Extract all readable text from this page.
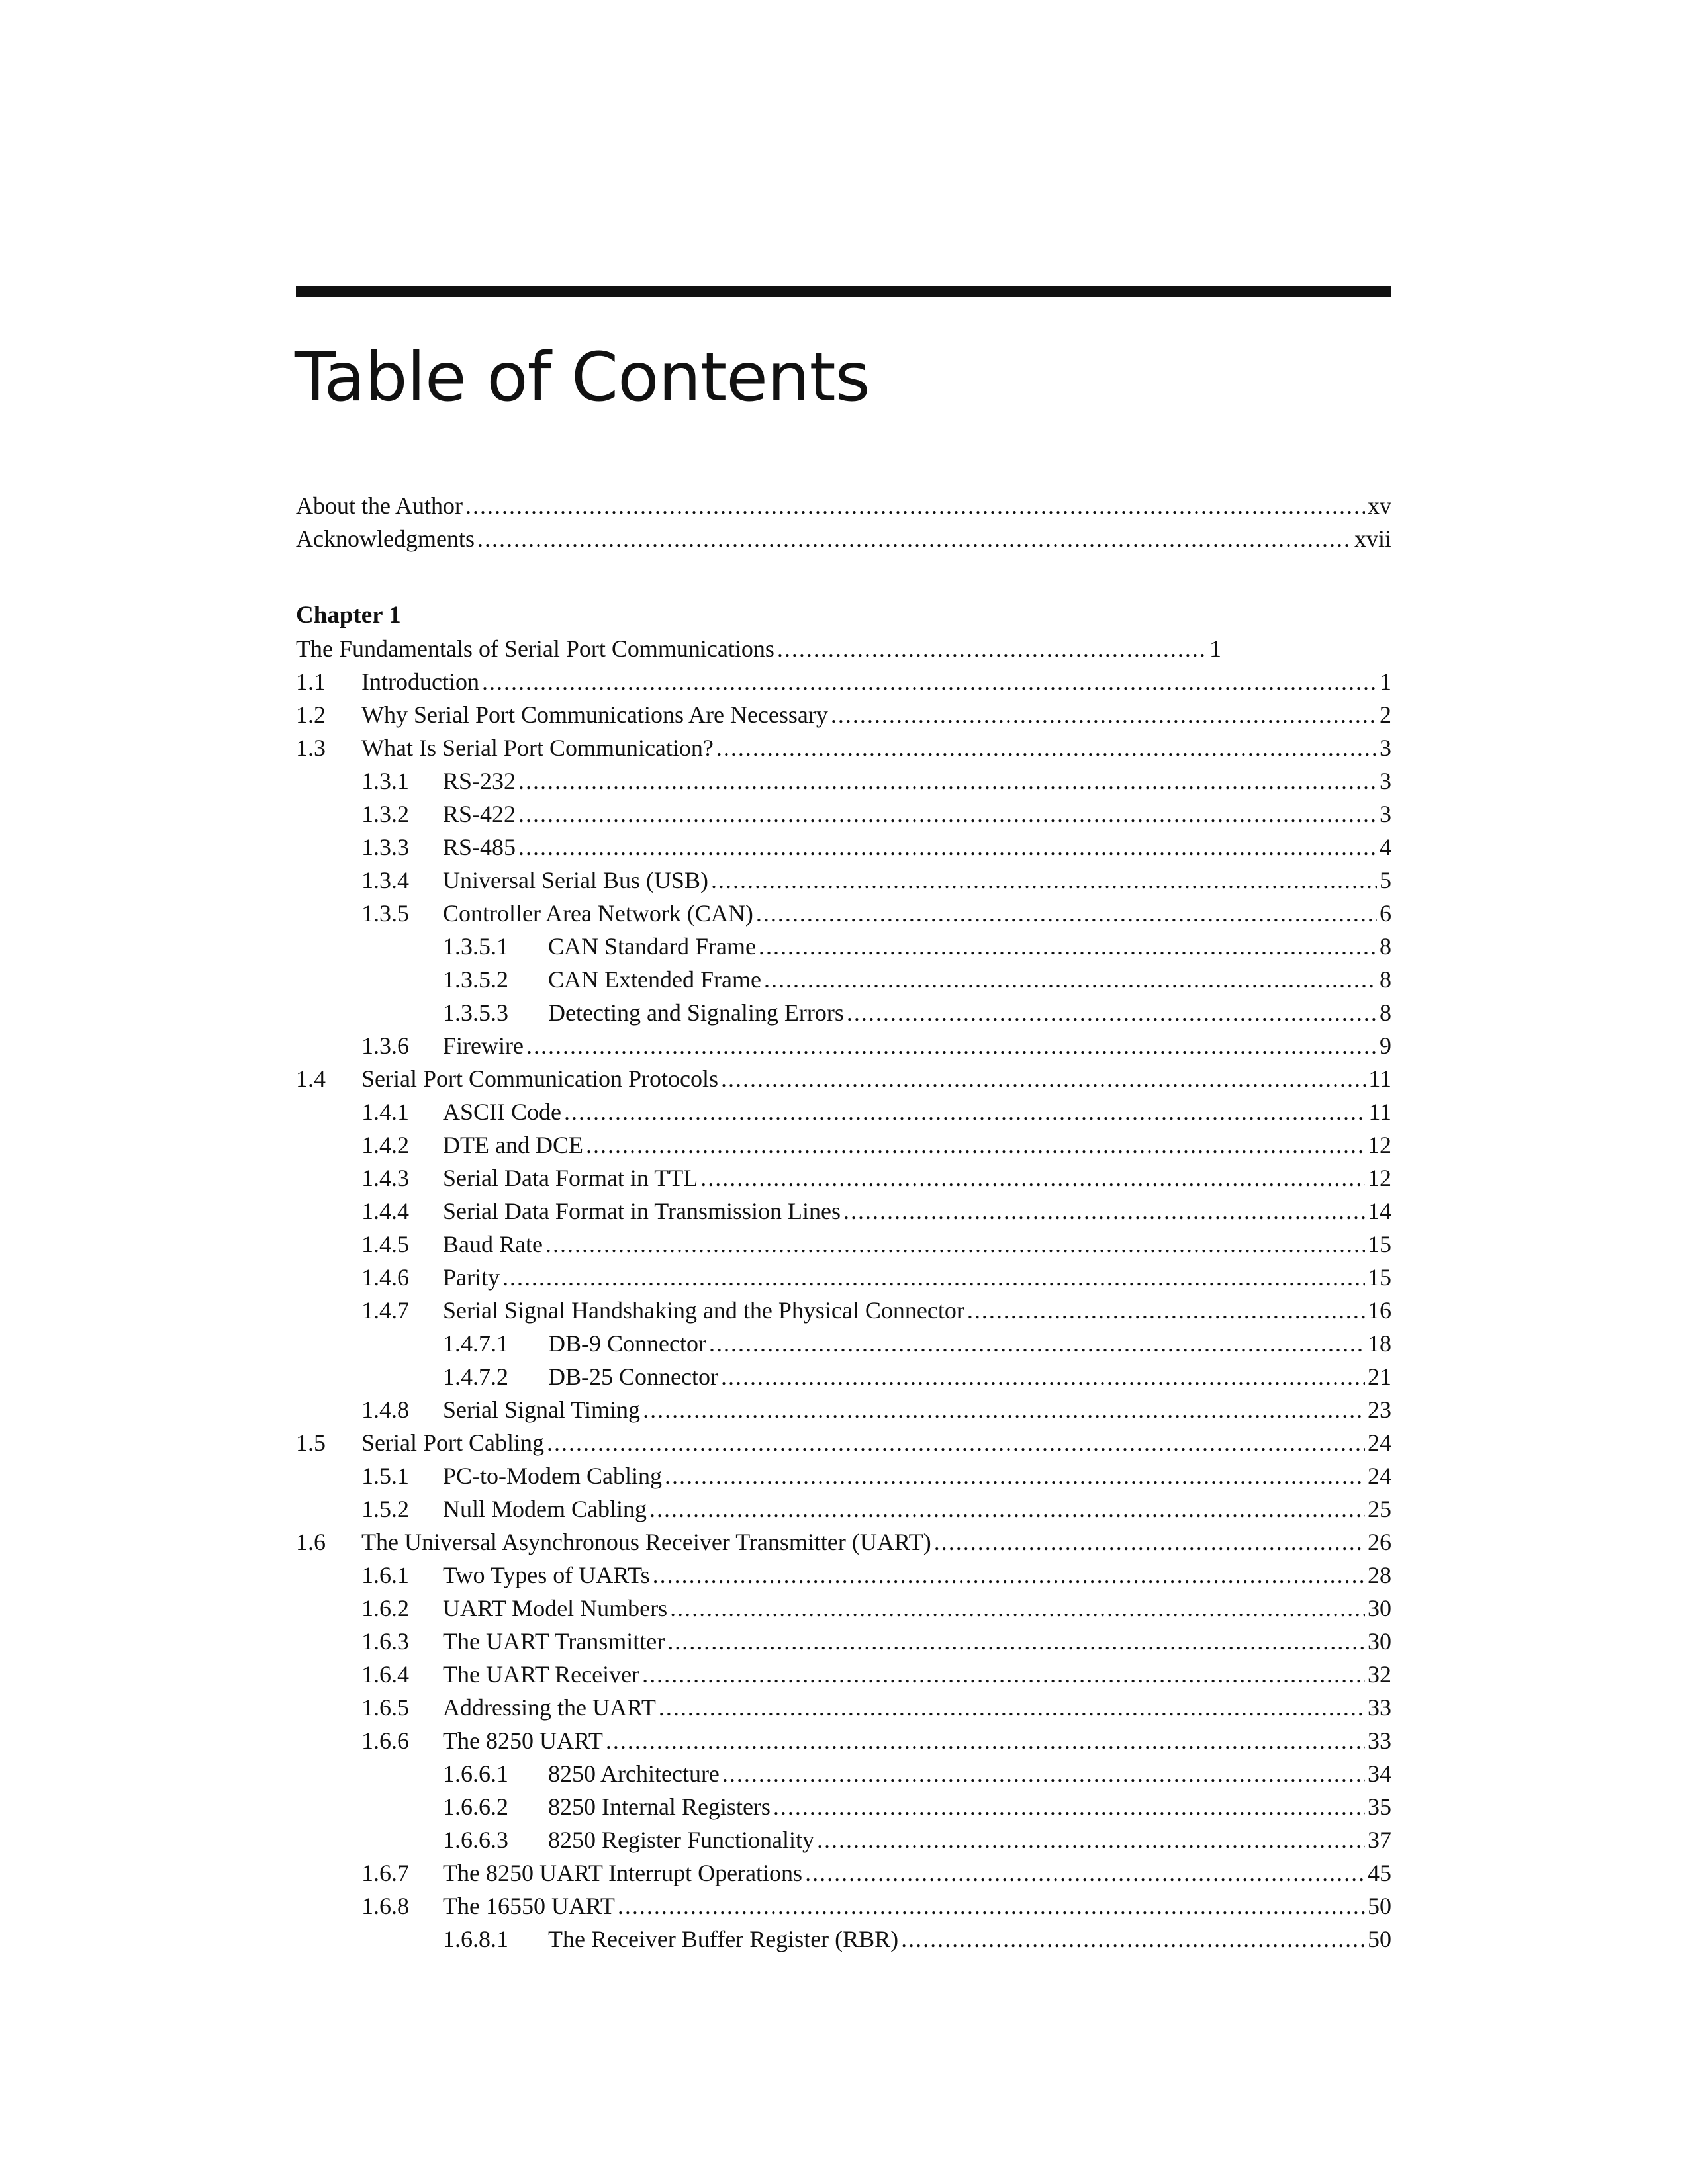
Table of Contents
About the Author .....	xv
Acknowledgments .....	xvii
Chapter 1
The Fundamentals of Serial Port Communications .....	1
1.1	Introduction .....	1
1.2	Why Serial Port Communications Are Necessary .....	2
1.3	What Is Serial Port Communication? .....	3
1.3.1	RS-232 .....	3
1.3.2	RS-422 .....	3
1.3.3	RS-485 .....	4
1.3.4	Universal Serial Bus (USB) .....	5
1.3.5	Controller Area Network (CAN) .....	6
1.3.5.1	CAN Standard Frame .....	8
1.3.5.2	CAN Extended Frame .....	8
1.3.5.3	Detecting and Signaling Errors .....	8
1.3.6	Firewire .....	9
1.4	Serial Port Communication Protocols .....	11
1.4.1	ASCII Code .....	11
1.4.2	DTE and DCE .....	12
1.4.3	Serial Data Format in TTL .....	12
1.4.4	Serial Data Format in Transmission Lines .....	14
1.4.5	Baud Rate .....	15
1.4.6	Parity .....	15
1.4.7	Serial Signal Handshaking and the Physical Connector .....	16
1.4.7.1	DB-9 Connector .....	18
1.4.7.2	DB-25 Connector .....	21
1.4.8	Serial Signal Timing .....	23
1.5	Serial Port Cabling .....	24
1.5.1	PC-to-Modem Cabling .....	24
1.5.2	Null Modem Cabling .....	25
1.6	The Universal Asynchronous Receiver Transmitter (UART) .....	26
1.6.1	Two Types of UARTs .....	28
1.6.2	UART Model Numbers .....	30
1.6.3	The UART Transmitter .....	30
1.6.4	The UART Receiver .....	32
1.6.5	Addressing the UART .....	33
1.6.6	The 8250 UART .....	33
1.6.6.1	8250 Architecture .....	34
1.6.6.2	8250 Internal Registers .....	35
1.6.6.3	8250 Register Functionality .....	37
1.6.7	The 8250 UART Interrupt Operations .....	45
1.6.8	The 16550 UART .....	50
1.6.8.1	The Receiver Buffer Register (RBR) .....	50
